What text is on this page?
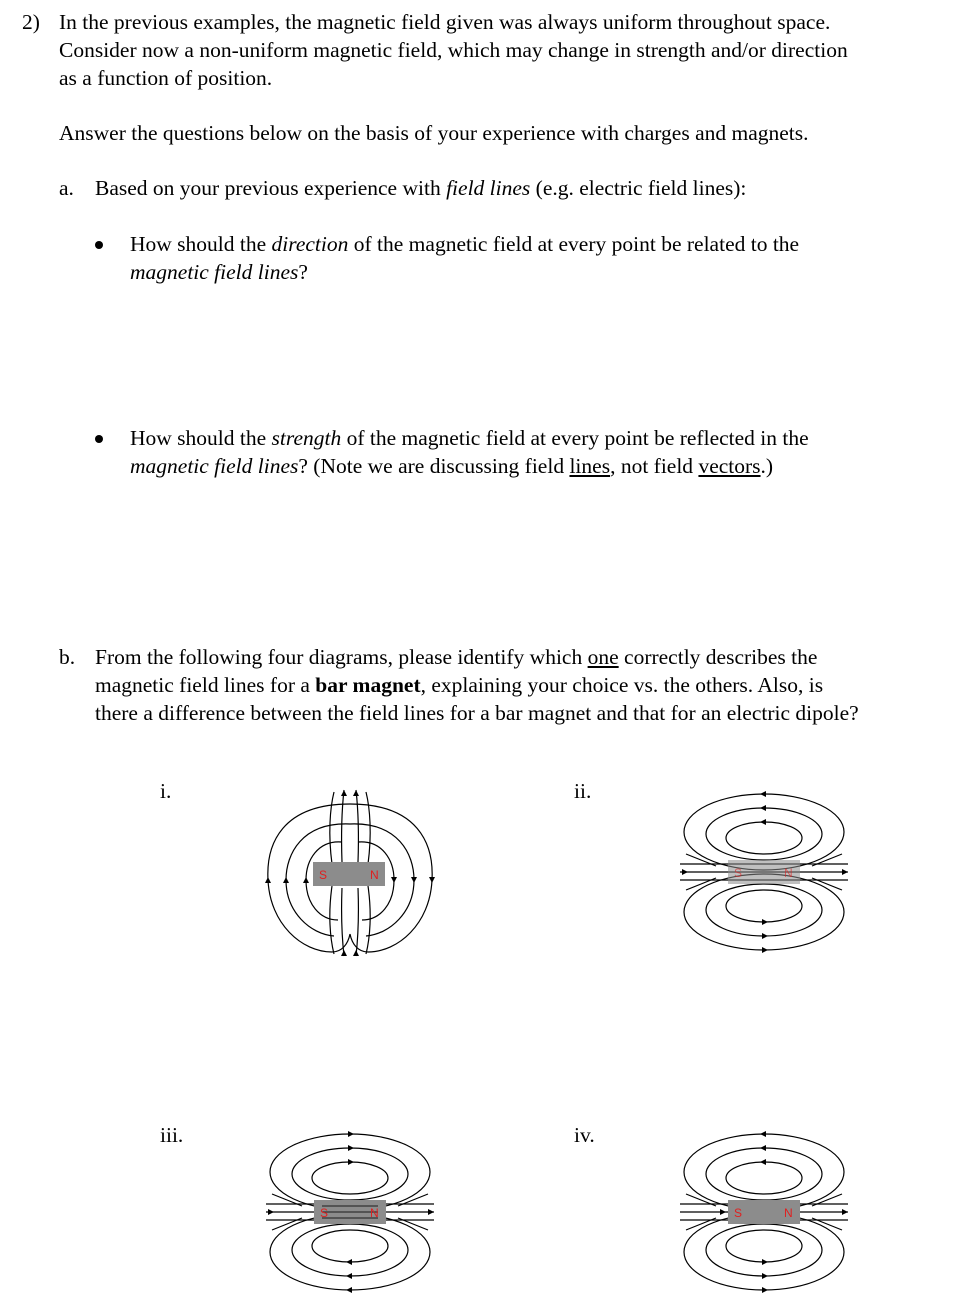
2) In the previous examples, the magnetic field given was always uniform throughout space.
Consider now a non-uniform magnetic field, which may change in strength and/or direction
as a function of position.
Answer the questions below on the basis of your experience with charges and magnets.
a. Based on your previous experience with field lines (e.g. electric field lines):
How should the direction of the magnetic field at every point be related to the
magnetic field lines?
How should the strength of the magnetic field at every point be reflected in the
magnetic field lines? (Note we are discussing field lines, not field vectors.)
b. From the following four diagrams, please identify which one correctly describes the
magnetic field lines for a bar magnet, explaining your choice vs. the others. Also, is
there a difference between the field lines for a bar magnet and that for an electric dipole?
i.	ii.
iii.	iv.
S	N	S	N
S	N	S	N
